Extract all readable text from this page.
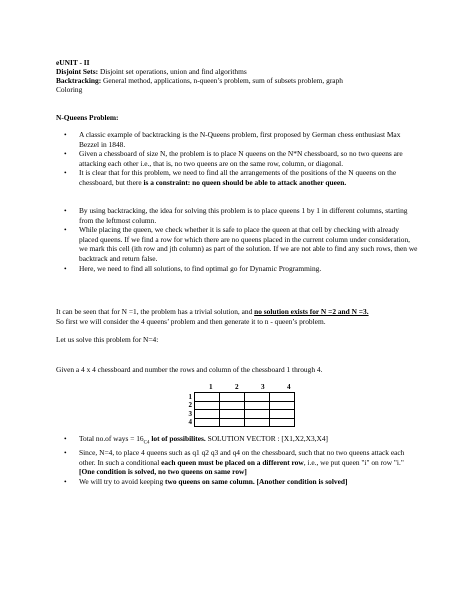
eUNIT - II
Disjoint Sets: Disjoint set operations, union and find algorithms
Backtracking: General method, applications, n-queen’s problem, sum of subsets problem, graph
Coloring
N-Queens Problem:
• A classic example of backtracking is the N-Queens problem, first proposed by German chess enthusiast Max Bezzel in 1848.
• Given a chessboard of size N, the problem is to place N queens on the N*N chessboard, so no two queens are attacking each other i.e., that is, no two queens are on the same row, column, or diagonal.
• It is clear that for this problem, we need to find all the arrangements of the positions of the N queens on the chessboard, but there is a constraint: no queen should be able to attack another queen.
• By using backtracking, the idea for solving this problem is to place queens 1 by 1 in different columns, starting from the leftmost column.
• While placing the queen, we check whether it is safe to place the queen at that cell by checking with already placed queens. If we find a row for which there are no queens placed in the current column under consideration, we mark this cell (ith row and jth column) as part of the solution. If we are not able to find any such rows, then we backtrack and return false.
• Here, we need to find all solutions, to find optimal go for Dynamic Programming.
It can be seen that for N =1, the problem has a trivial solution, and no solution exists for N =2 and N =3.
So first we will consider the 4 queens’ problem and then generate it to n - queen’s problem.
Let us solve this problem for N=4:
Given a 4 x 4 chessboard and number the rows and column of the chessboard 1 through 4.
1	2	3	4
1				
2				
3				
4				
• Total no.of ways = $16_{C4}$ lot of possibilites. SOLUTION VECTOR : [X1,X2,X3,X4]
• Since, N=4, to place 4 queens such as q1 q2 q3 and q4 on the chessboard, such that no two queens attack each other. In such a conditional each queen must be placed on a different row, i.e., we put queen "i" on row "i." [One condition is solved, no two queens on same row]
• We will try to avoid keeping two queens on same column. [Another condition is solved]
